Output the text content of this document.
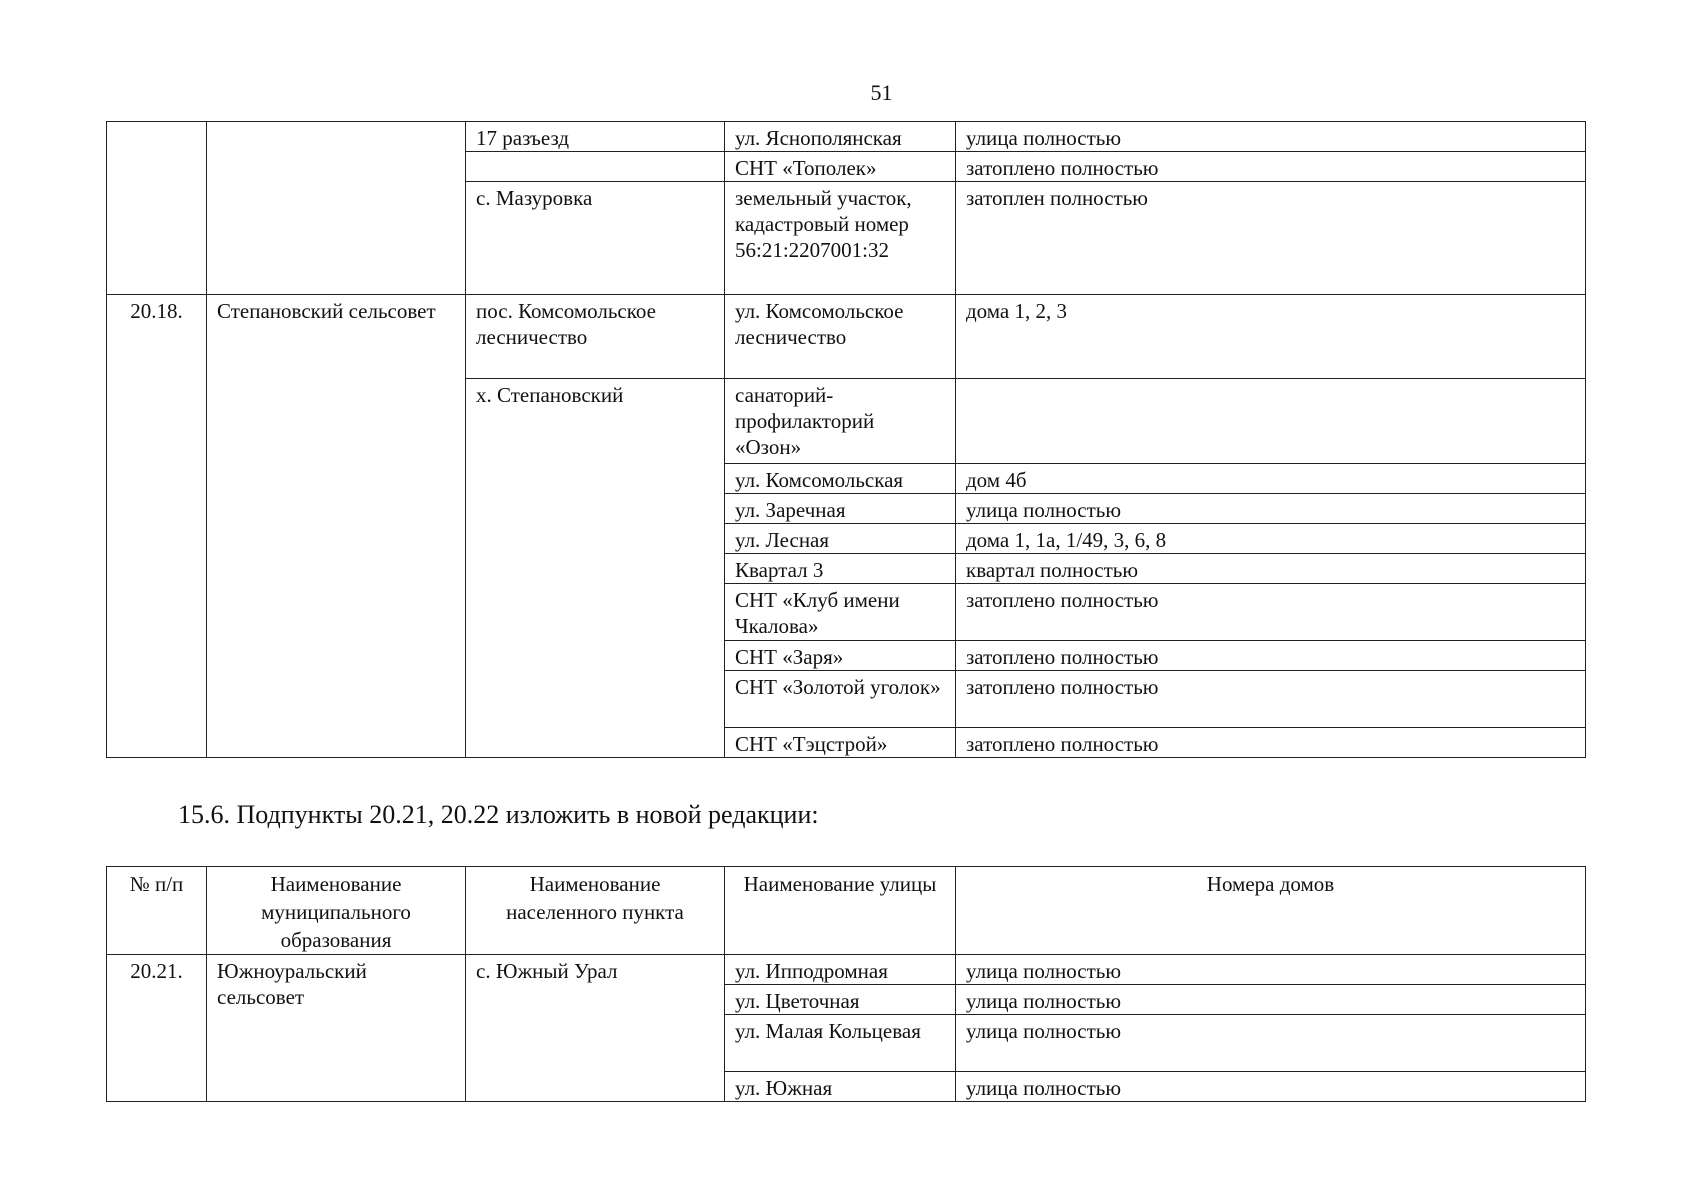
51
		17 разъезд	ул. Яснополянская	улица полностью
			СНТ «Тополек»	затоплено полностью
		с. Мазуровка	земельный участок, кадастровый номер 56:21:2207001:32	затоплен полностью
20.18.	Степановский сельсовет	пос. Комсомольское лесничество	ул. Комсомольское лесничество	дома 1, 2, 3
		х. Степановский	санаторий-профилакторий «Озон»	
			ул. Комсомольская	дом 4б
			ул. Заречная	улица полностью
			ул. Лесная	дома 1, 1а, 1/49, 3, 6, 8
			Квартал 3	квартал полностью
			СНТ «Клуб имени Чкалова»	затоплено полностью
			СНТ «Заря»	затоплено полностью
			СНТ «Золотой уголок»	затоплено полностью
			СНТ «Тэцстрой»	затоплено полностью
15.6. Подпункты 20.21, 20.22 изложить в новой редакции:
№ п/п	Наименование муниципального образования	Наименование населенного пункта	Наименование улицы	Номера домов
20.21.	Южноуральский сельсовет	с. Южный Урал	ул. Ипподромная	улица полностью
			ул. Цветочная	улица полностью
			ул. Малая Кольцевая	улица полностью
			ул. Южная	улица полностью
